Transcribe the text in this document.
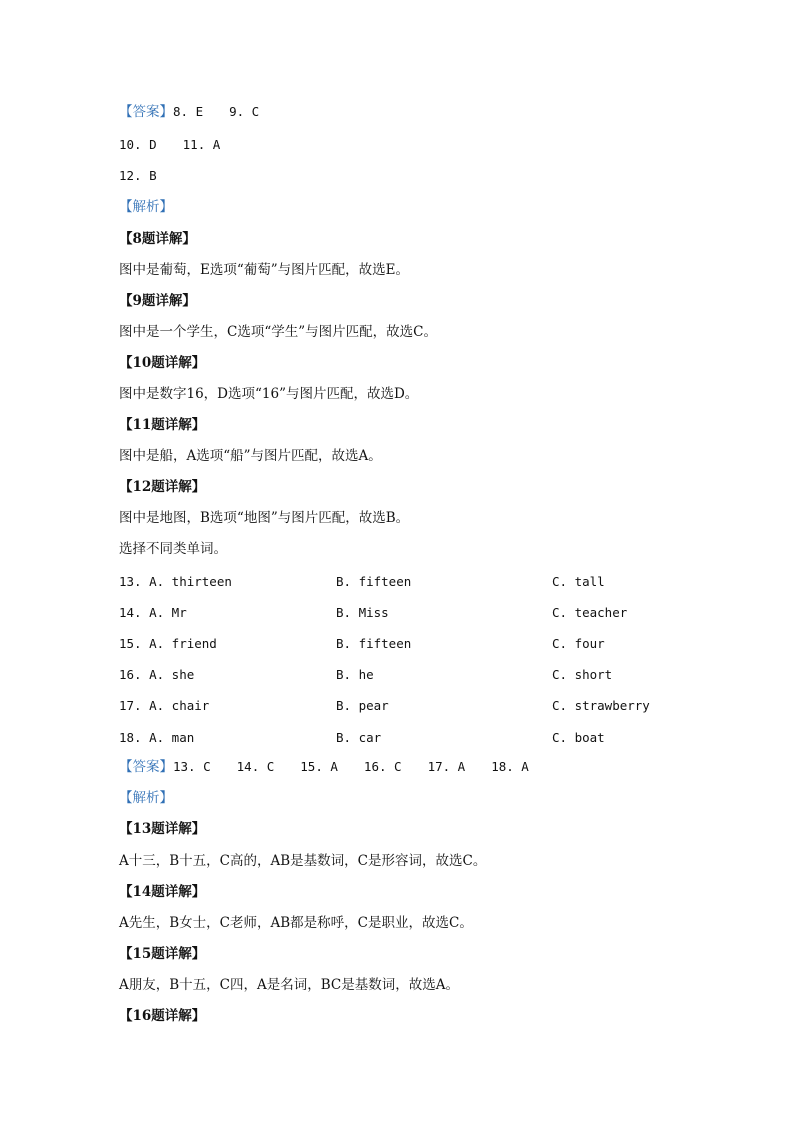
【答案】8. E 9. C
10. D 11. A
12. B
【解析】
【8题详解】
图中是葡萄，E选项“葡萄”与图片匹配，故选E。
【9题详解】
图中是一个学生，C选项“学生”与图片匹配，故选C。
【10题详解】
图中是数字16，D选项“16”与图片匹配，故选D。
【11题详解】
图中是船，A选项“船”与图片匹配，故选A。
【12题详解】
图中是地图，B选项“地图”与图片匹配，故选B。
选择不同类单词。
13. A. thirteen	B. fifteen	C. tall
14. A. Mr	B. Miss	C. teacher
15. A. friend	B. fifteen	C. four
16. A. she	B. he	C. short
17. A. chair	B. pear	C. strawberry
18. A. man	B. car	C. boat
【答案】13. C 14. C 15. A 16. C 17. A 18. A
【解析】
【13题详解】
A十三，B十五，C高的，AB是基数词，C是形容词，故选C。
【14题详解】
A先生，B女士，C老师，AB都是称呼，C是职业，故选C。
【15题详解】
A朋友，B十五，C四，A是名词，BC是基数词，故选A。
【16题详解】
